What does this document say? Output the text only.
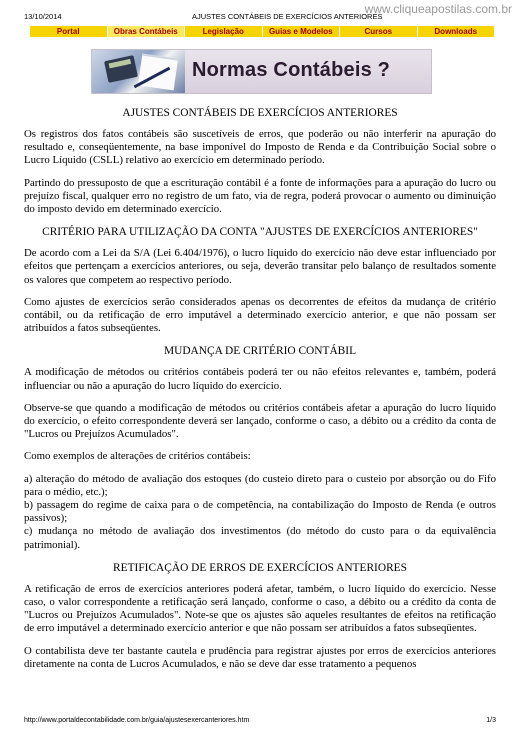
13/10/2014	AJUSTES CONTÁBEIS DE EXERCÍCIOS ANTERIORES
www.cliqueapostilas.com.br
Portal	Obras Contábeis	Legislação	Guias e Modelos	Cursos	Downloads
Normas Contábeis ?
AJUSTES CONTÁBEIS DE EXERCÍCIOS ANTERIORES

Os registros dos fatos contábeis são suscetíveis de erros, que poderão ou não interferir na apuração do resultado e, conseqüentemente, na base imponível do Imposto de Renda e da Contribuição Social sobre o Lucro Líquido (CSLL) relativo ao exercício em determinado período.

Partindo do pressuposto de que a escrituração contábil é a fonte de informações para a apuração do lucro ou prejuízo fiscal, qualquer erro no registro de um fato, via de regra, poderá provocar o aumento ou diminuição do imposto devido em determinado exercício.

CRITÉRIO PARA UTILIZAÇÃO DA CONTA "AJUSTES DE EXERCÍCIOS ANTERIORES"

De acordo com a Lei da S/A (Lei 6.404/1976), o lucro líquido do exercício não deve estar influenciado por efeitos que pertençam a exercícios anteriores, ou seja, deverão transitar pelo balanço de resultados somente os valores que competem ao respectivo período.

Como ajustes de exercícios serão considerados apenas os decorrentes de efeitos da mudança de critério contábil, ou da retificação de erro imputável a determinado exercício anterior, e que não possam ser atribuídos a fatos subseqüentes.

MUDANÇA DE CRITÉRIO CONTÁBIL

A modificação de métodos ou critérios contábeis poderá ter ou não efeitos relevantes e, também, poderá influenciar ou não a apuração do lucro líquido do exercício.

Observe-se que quando a modificação de métodos ou critérios contábeis afetar a apuração do lucro líquido do exercício, o efeito correspondente deverá ser lançado, conforme o caso, a débito ou a crédito da conta de "Lucros ou Prejuízos Acumulados".

Como exemplos de alterações de critérios contábeis:

a) alteração do método de avaliação dos estoques (do custeio direto para o custeio por absorção ou do Fifo para o médio, etc.);

b) passagem do regime de caixa para o de competência, na contabilização do Imposto de Renda (e outros passivos);

c) mudança no método de avaliação dos investimentos (do método do custo para o da equivalência patrimonial).

RETIFICAÇÃO DE ERROS DE EXERCÍCIOS ANTERIORES

A retificação de erros de exercícios anteriores poderá afetar, também, o lucro líquido do exercício. Nesse caso, o valor correspondente a retificação será lançado, conforme o caso, a débito ou a crédito da conta de "Lucros ou Prejuízos Acumulados". Note-se que os ajustes são aqueles resultantes de efeitos na retificação de erro imputável a determinado exercício anterior e que não possam ser atribuídos a fatos subseqüentes.

O contabilista deve ter bastante cautela e prudência para registrar ajustes por erros de exercícios anteriores diretamente na conta de Lucros Acumulados, e não se deve dar esse tratamento a pequenos

http://www.portaldecontabilidade.com.br/guia/ajustesexercanteriores.htm	1/3
